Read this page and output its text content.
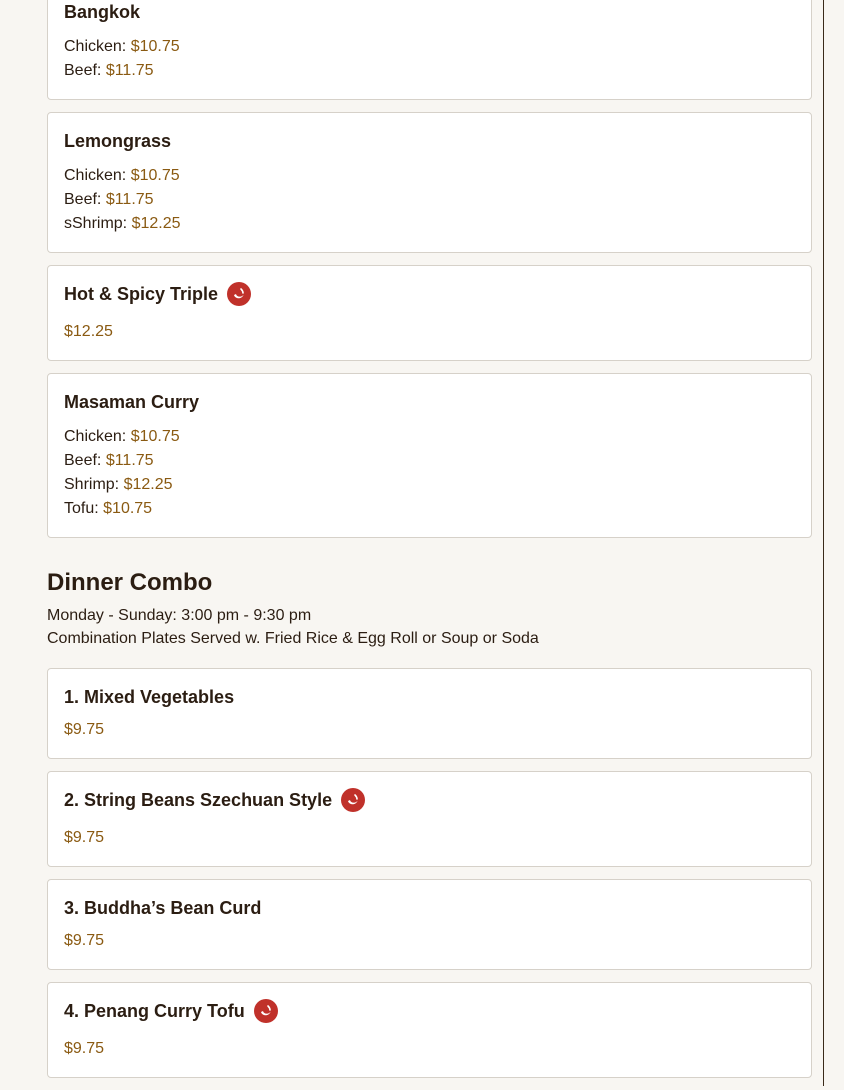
Bangkok
Chicken: $10.75
Beef: $11.75
Lemongrass
Chicken: $10.75
Beef: $11.75
sShrimp: $12.25
Hot & Spicy Triple
$12.25
Masaman Curry
Chicken: $10.75
Beef: $11.75
Shrimp: $12.25
Tofu: $10.75
Dinner Combo
Monday - Sunday: 3:00 pm - 9:30 pm
Combination Plates Served w. Fried Rice & Egg Roll or Soup or Soda
1. Mixed Vegetables
$9.75
2. String Beans Szechuan Style
$9.75
3. Buddha’s Bean Curd
$9.75
4. Penang Curry Tofu
$9.75
